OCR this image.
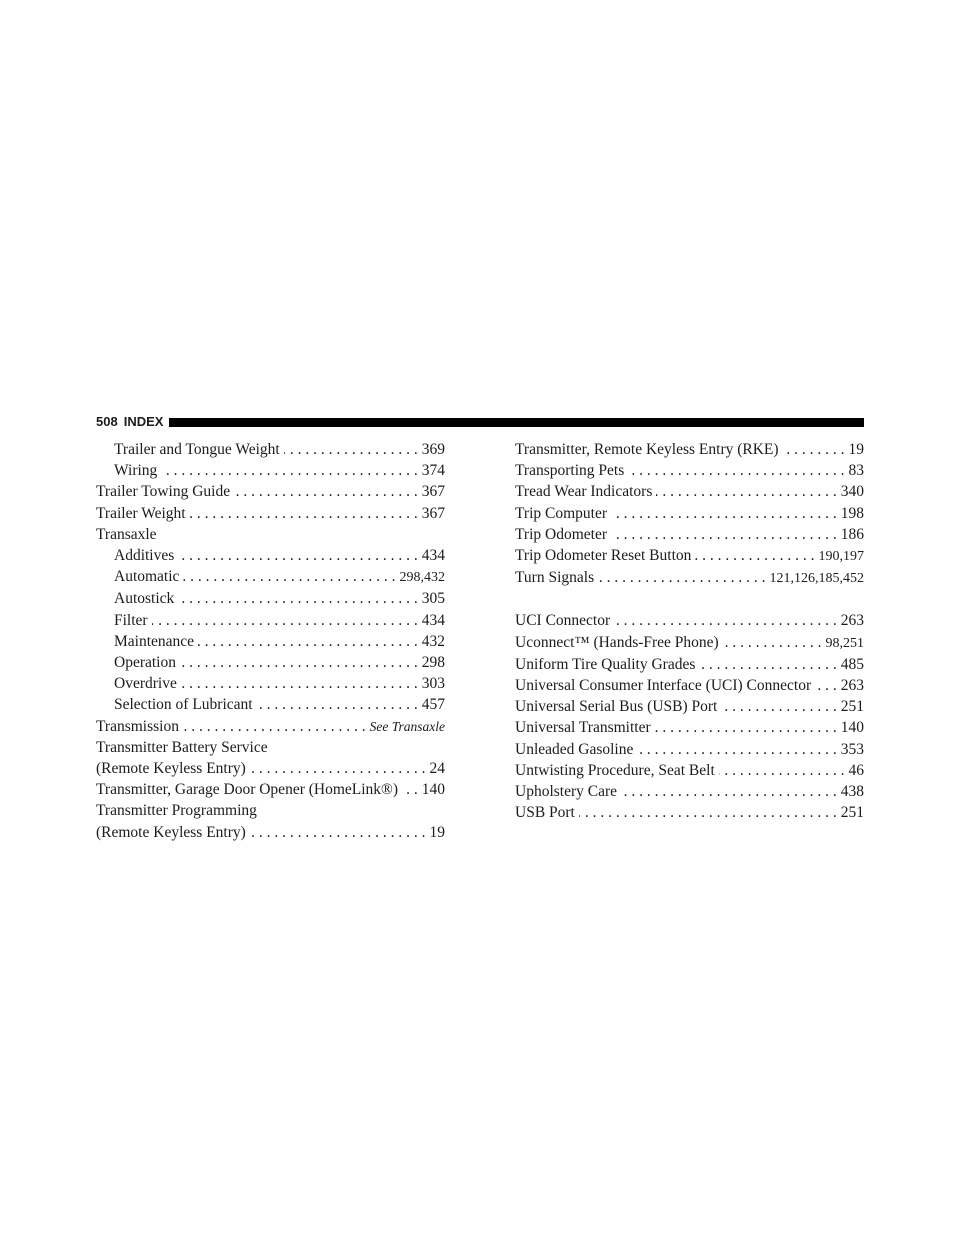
508 INDEX
Trailer and Tongue Weight . . .	369
Wiring . . .	374
Trailer Towing Guide . . .	367
Trailer Weight . . .	367
Transaxle
Additives . . .	434
Automatic . . .	298,432
Autostick . . .	305
Filter . . .	434
Maintenance . . .	432
Operation . . .	298
Overdrive . . .	303
Selection of Lubricant . . .	457
Transmission . . .	See Transaxle
Transmitter Battery Service
(Remote Keyless Entry) . . .	24
Transmitter, Garage Door Opener (HomeLink®) . . . 140
Transmitter Programming
(Remote Keyless Entry) . . .	19
Transmitter, Remote Keyless Entry (RKE) . . .	19
Transporting Pets . . .	83
Tread Wear Indicators . . .	340
Trip Computer . . .	198
Trip Odometer . . .	186
Trip Odometer Reset Button . . .	190,197
Turn Signals . . .	121,126,185,452
UCI Connector . . .	263
Uconnect™ (Hands-Free Phone) . . .	98,251
Uniform Tire Quality Grades . . .	485
Universal Consumer Interface (UCI) Connector . . . 263
Universal Serial Bus (USB) Port . . .	251
Universal Transmitter . . .	140
Unleaded Gasoline . . .	353
Untwisting Procedure, Seat Belt . . .	46
Upholstery Care . . .	438
USB Port . . .	251
